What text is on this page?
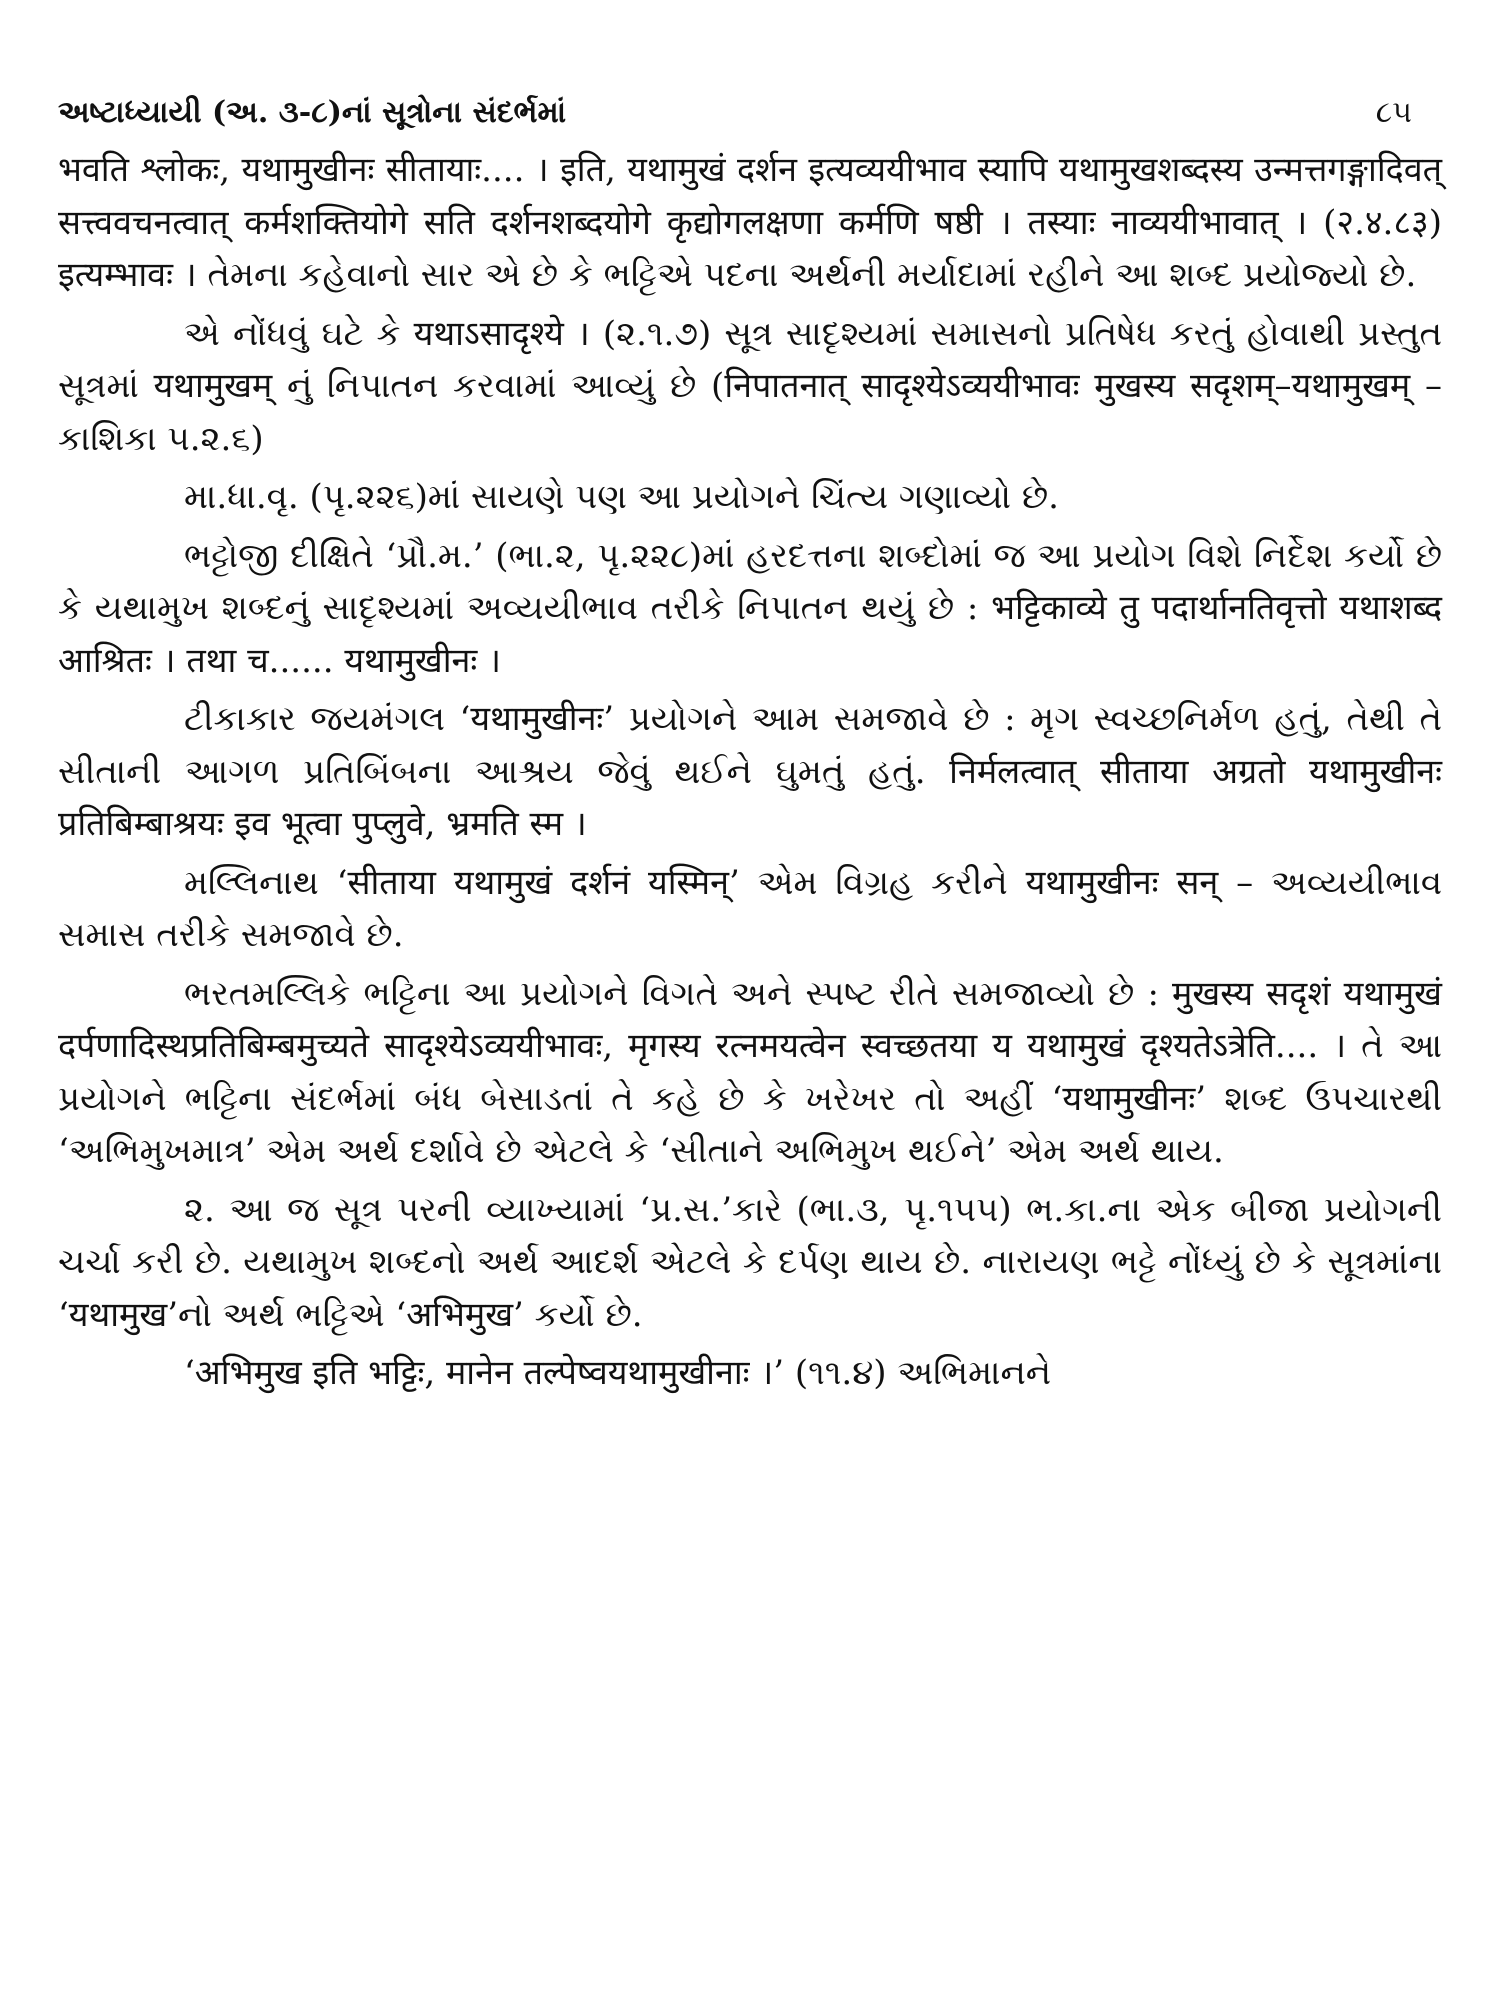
અષ્ટાધ્યાયી (અ. ૩-૮)નાં સૂત્રોના સંદર્ભમાં	૮૫

भवति श्लोकः, यथामुखीनः सीतायाः.... । इति, यथामुखं दर्शन इत्यव्ययीभाव स्यापि यथामुखशब्दस्य उन्मत्तगङ्गादिवत् सत्त्ववचनत्वात् कर्मशक्तियोगे सति दर्शनशब्दयोगे कृद्योगलक्षणा कर्मणि षष्ठी । तस्याः नाव्ययीभावात् । (२.४.८३) इत्यम्भावः । તેમના કહેવાનો સાર એ છે કે ભટ્ટિએ પદના અર્થની મર્યાદામાં રહીને આ શબ્દ પ્રયોજ્યો છે.

એ નોંધવું ઘટે કે यथाऽसादृश्ये । (૨.૧.૭) સૂત્ર સાદૃશ્યમાં સમાસનો પ્રતિષેધ કરતું હોવાથી પ્રસ્તુત સૂત્રમાં यथामुखम् નું નિપાતન કરવામાં આવ્યું છે (निपातनात् सादृश्येऽव्ययीभावः मुखस्य सदृशम्–यथामुखम् – કાશિકા ૫.૨.૬)

મા.ધા.વૃ. (પૃ.૨૨૬)માં સાયણે પણ આ પ્રયોગને ચિંત્ય ગણાવ્યો છે.

ભટ્ટોજી દીક્ષિતે ‘પ્રૌ.મ.’ (ભા.૨, પૃ.૨૨૮)માં હરદત્તના શબ્દોમાં જ આ પ્રયોગ વિશે નિર્દેશ કર્યો છે કે યથામુખ શબ્દનું સાદૃશ્યમાં અવ્યયીભાવ તરીકે નિપાતન થયું છે : भट्टिकाव्ये तु पदार्थानतिवृत्तो यथाशब्द आश्रितः । तथा च...... यथामुखीनः ।

ટીકાકાર જયમંગલ ‘यथामुखीनः’ પ્રયોગને આમ સમજાવે છે : મૃગ સ્વચ્છનિર્મળ હતું, તેથી તે સીતાની આગળ પ્રતિબિંબના આશ્રય જેવું થઈને ઘુમતું હતું. निर्मलत्वात् सीताया अग्रतो यथामुखीनः प्रतिबिम्बाश्रयः इव भूत्वा पुप्लुवे, भ्रमति स्म ।

મલ્લિનાથ ‘सीताया यथामुखं दर्शनं यस्मिन्’ એમ વિગ્રહ કરીને यथामुखीनः सन् – અવ્યયીભાવ સમાસ તરીકે સમજાવે છે.

ભરતમલ્લિકે ભટ્ટિના આ પ્રયોગને વિગતે અને સ્પષ્ટ રીતે સમજાવ્યો છે : मुखस्य सदृशं यथामुखं दर्पणादिस्थप्रतिबिम्बमुच्यते सादृश्येऽव्ययीभावः, मृगस्य रत्नमयत्वेन स्वच्छतया य यथामुखं दृश्यतेऽत्रेति.... । તે આ પ્રયોગને ભટ્ટિના સંદર્ભમાં બંધ બેસાડતાં તે કહે છે કે ખરેખર તો અહીં ‘यथामुखीनः’ શબ્દ ઉપચારથી ‘અભિમુખમાત્ર’ એમ અર્થ દર્શાવે છે એટલે કે ‘સીતાને અભિમુખ થઈને’ એમ અર્થ થાય.

૨. આ જ સૂત્ર પરની વ્યાખ્યામાં ‘પ્ર.સ.’કારે (ભા.૩, પૃ.૧૫૫) ભ.કા.ના એક બીજા પ્રયોગની ચર્ચા કરી છે. યથામુખ શબ્દનો અર્થ આદર્શ એટલે કે દર્પણ થાય છે. નારાયણ ભટ્ટે નોંધ્યું છે કે સૂત્રમાંના ‘यथामुख’નો અર્થ ભટ્ટિએ ‘अभिमुख’ કર્યો છે.

‘अभिमुख इति भट्टिः, मानेन तल्पेष्वयथामुखीनाः ।’ (૧૧.૪) અભિમાનને
